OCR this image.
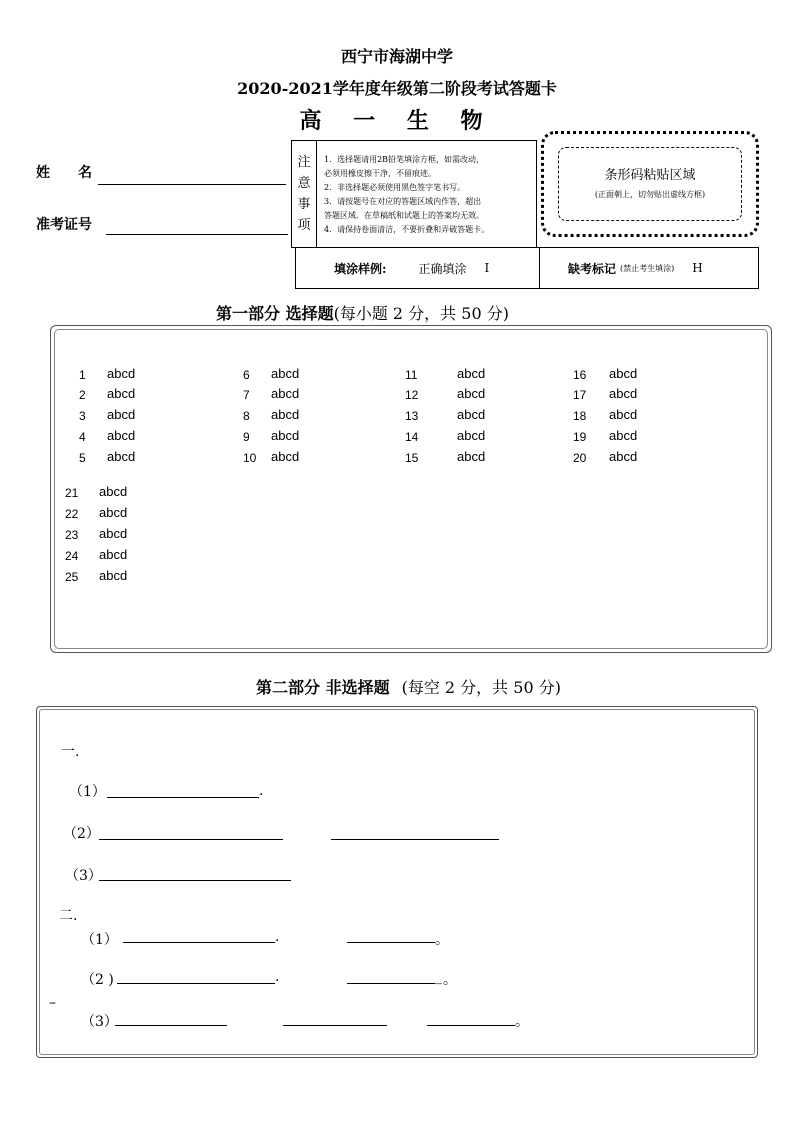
西宁市海湖中学
2020-2021学年度年级第二阶段考试答题卡
高 一 生 物
姓　　名
准考证号
注
意
事
项
1．选择题请用2B铅笔填涂方框，如需改动，
必须用橡皮擦干净，不留痕迹。
2．非选择题必须使用黑色签字笔书写。
3．请按题号在对应的答题区域内作答，超出
答题区域．在草稿纸和试题上的答案均无效。
4．请保持卷面清洁，不要折叠和弄破答题卡。
条形码粘贴区域
(正面朝上，切勿贴出虚线方框)
填涂样例:	正确填涂 I	缺考标记 (禁止考生填涂) H
第一部分 选择题(每小题 2 分，共 50 分)
1 abcd
2 abcd
3 abcd
4 abcd
5 abcd
6 abcd
7 abcd
8 abcd
9 abcd
10 abcd
11	abcd
12	abcd
13	abcd
14	abcd
15	abcd
16 abcd
17 abcd
18 abcd
19 abcd
20 abcd
21 abcd
22 abcd
23 abcd
24 abcd
25 abcd
第二部分 非选择题 (每空 2 分，共 50 分)
一.
（1）	.
（2）
（3）
二.
（1）	.	。
（2 )	.	_ 。
–
（3）	。
